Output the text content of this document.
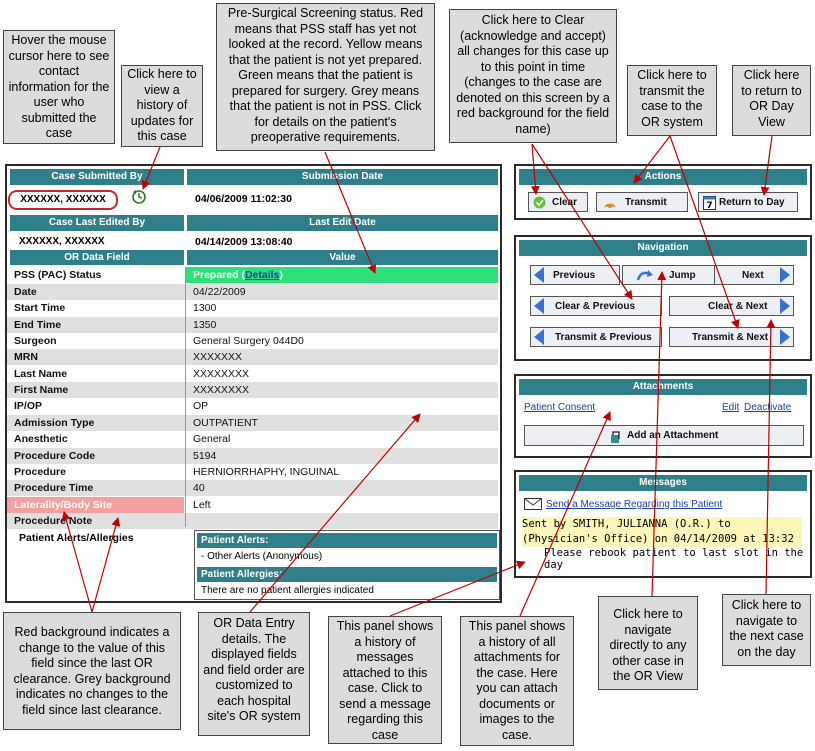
Hover the mouse cursor here to see contact information for the user who submitted the case
Click here to view a history of updates for this case
Pre-Surgical Screening status. Red means that PSS staff has yet not looked at the record. Yellow means that the patient is not yet prepared. Green means that the patient is prepared for surgery. Grey means that the patient is not in PSS. Click for details on the patient's preoperative requirements.
Click here to Clear (acknowledge and accept) all changes for this case up to this point in time (changes to the case are denoted on this screen by a red background for the field name)
Click here to transmit the case to the OR system
Click here to return to OR Day View
Case Submitted By	Submission Date
XXXXXX, XXXXXX	04/06/2009 11:02:30
Case Last Edited By	Last Edit Date
XXXXXX, XXXXXX	04/14/2009 13:08:40
OR Data Field	Value
PSS (PAC) Status	Prepared (Details)
Date	04/22/2009
Start Time	1300
End Time	1350
Surgeon	General Surgery 044D0
MRN	XXXXXXX
Last Name	XXXXXXXX
First Name	XXXXXXXX
IP/OP	OP
Admission Type	OUTPATIENT
Anesthetic	General
Procedure Code	5194
Procedure	HERNIORRHAPHY, INGUINAL
Procedure Time	40
Laterality/Body Site	Left
Procedure Note
Patient Alerts/Allergies	Patient Alerts:
- Other Alerts (Anonymous)
Patient Allergies:
There are no patient allergies indicated
Actions
Clear	Transmit	7 Return to Day
Navigation
Previous	Jump	Next
Clear & Previous	Clear & Next
Transmit & Previous	Transmit & Next
Attachments
Patient Consent	Edit Deactivate
Add an Attachment
Messages
Send a Message Regarding this Patient
Sent by SMITH, JULIANNA (O.R.) to
(Physician's Office) on 04/14/2009 at 13:32
Please rebook patient to last slot in the day
Red background indicates a change to the value of this field since the last OR clearance. Grey background indicates no changes to the field since last clearance.
OR Data Entry details. The displayed fields and field order are customized to each hospital site's OR system
This panel shows a history of messages attached to this case. Click to send a message regarding this case
This panel shows a history of all attachments for the case. Here you can attach documents or images to the case.
Click here to navigate directly to any other case in the OR View
Click here to navigate to the next case on the day
